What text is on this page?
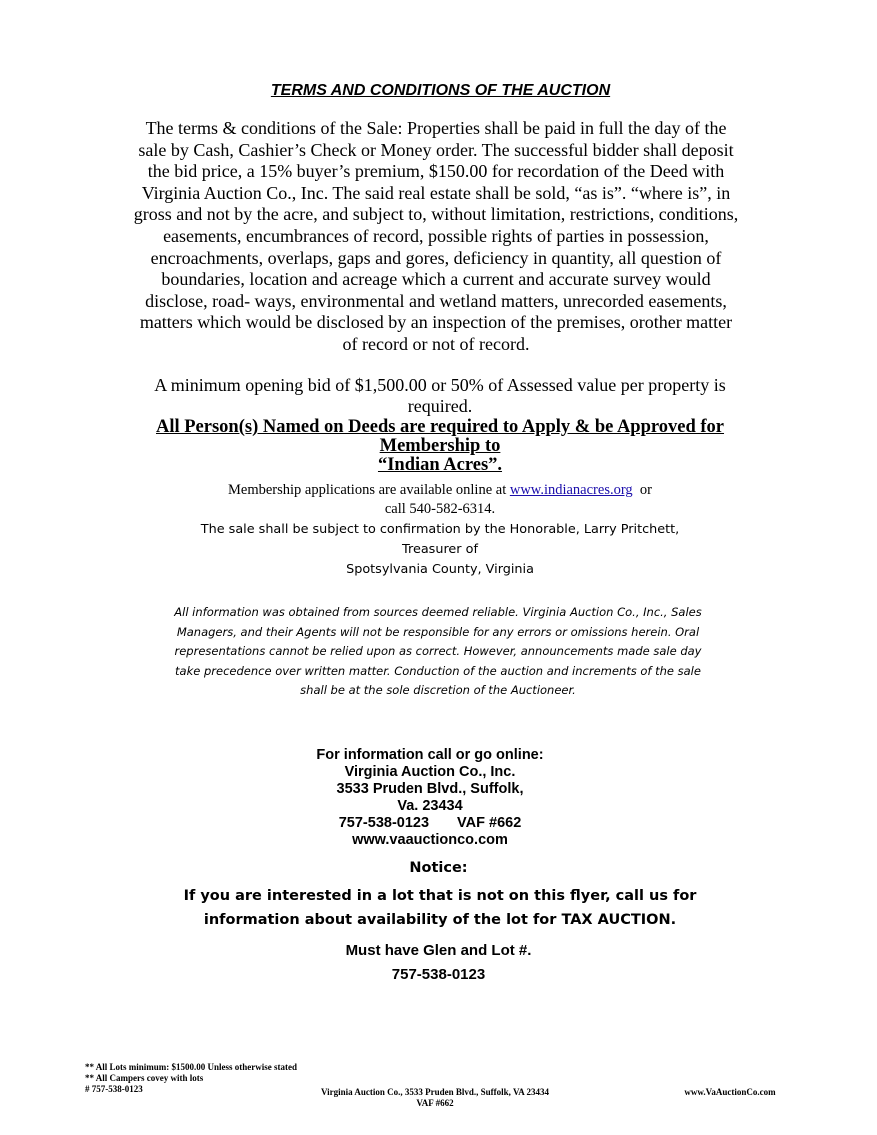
TERMS AND CONDITIONS OF THE AUCTION
The terms & conditions of the Sale: Properties shall be paid in full the day of the
sale by Cash, Cashier’s Check or Money order. The successful bidder shall deposit
the bid price, a 15% buyer’s premium, $150.00 for recordation of the Deed with
Virginia Auction Co., Inc. The said real estate shall be sold, “as is”. “where is”, in
gross and not by the acre, and subject to, without limitation, restrictions, conditions,
easements, encumbrances of record, possible rights of parties in possession,
encroachments, overlaps, gaps and gores, deficiency in quantity, all question of
boundaries, location and acreage which a current and accurate survey would
disclose, road- ways, environmental and wetland matters, unrecorded easements,
matters which would be disclosed by an inspection of the premises, orother matter
of record or not of record.
A minimum opening bid of $1,500.00 or 50% of Assessed value per property is
required.
All Person(s) Named on Deeds are required to Apply & be Approved for
Membership to
“Indian Acres”.
Membership applications are available online at www.indianacres.org  or
call 540-582-6314.
The sale shall be subject to confirmation by the Honorable, Larry Pritchett,
Treasurer of
Spotsylvania County, Virginia
All information was obtained from sources deemed reliable. Virginia Auction Co., Inc., Sales
Managers, and their Agents will not be responsible for any errors or omissions herein. Oral
representations cannot be relied upon as correct. However, announcements made sale day
take precedence over written matter. Conduction of the auction and increments of the sale
shall be at the sole discretion of the Auctioneer.
For information call or go online:
Virginia Auction Co., Inc.
3533 Pruden Blvd., Suffolk,
Va. 23434
757-538-0123 VAF #662
www.vaauctionco.com
Notice:
If you are interested in a lot that is not on this flyer, call us for
information about availability of the lot for TAX AUCTION.
Must have Glen and Lot #.
757-538-0123
** All Lots minimum: $1500.00 Unless otherwise stated
** All Campers covey with lots
# 757-538-0123	Virginia Auction Co., 3533 Pruden Blvd., Suffolk, VA 23434
VAF #662
www.VaAuctionCo.com
